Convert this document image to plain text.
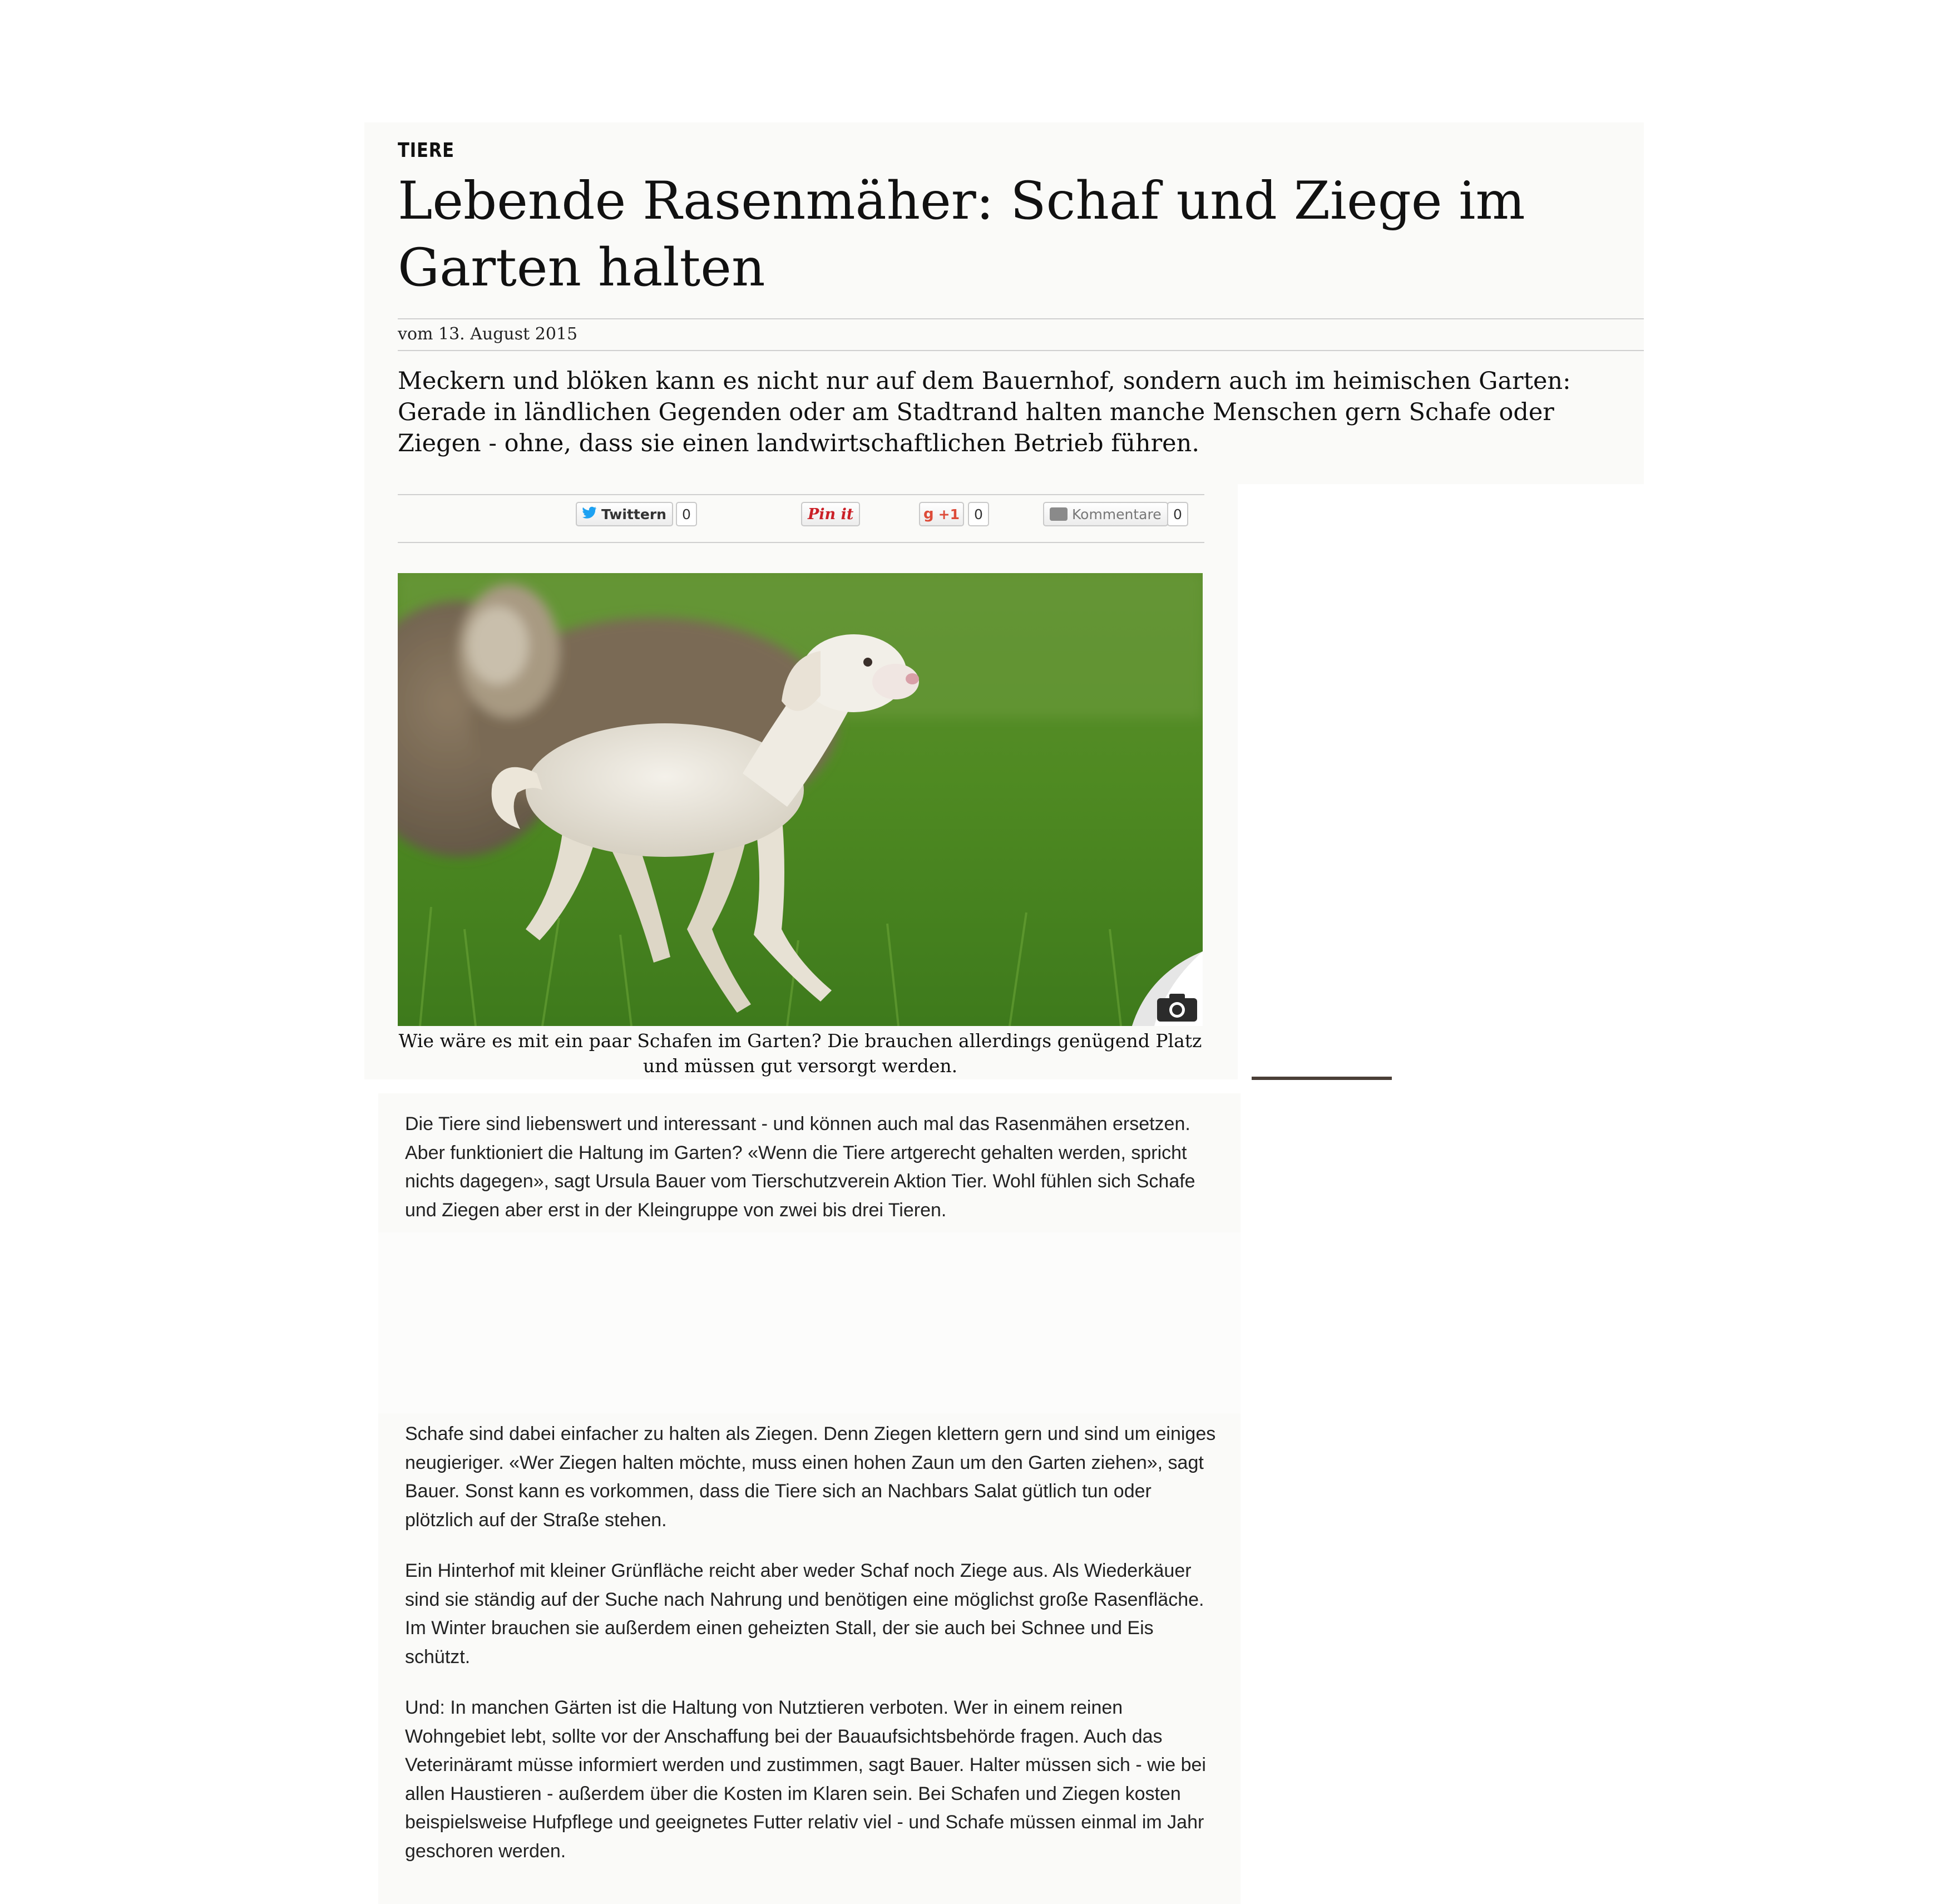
TIERE
Lebende Rasenmäher: Schaf und Ziege im Garten halten
vom 13. August 2015

Meckern und blöken kann es nicht nur auf dem Bauernhof, sondern auch im heimischen Garten: Gerade in ländlichen Gegenden oder am Stadtrand halten manche Menschen gern Schafe oder Ziegen - ohne, dass sie einen landwirtschaftlichen Betrieb führen.

Twittern	0	Pin it	g +1	0	Kommentare 0

Wie wäre es mit ein paar Schafen im Garten? Die brauchen allerdings genügend Platz und müssen gut versorgt werden.

Die Tiere sind liebenswert und interessant - und können auch mal das Rasenmähen ersetzen. Aber funktioniert die Haltung im Garten? «Wenn die Tiere artgerecht gehalten werden, spricht nichts dagegen», sagt Ursula Bauer vom Tierschutzverein Aktion Tier. Wohl fühlen sich Schafe und Ziegen aber erst in der Kleingruppe von zwei bis drei Tieren.

Schafe sind dabei einfacher zu halten als Ziegen. Denn Ziegen klettern gern und sind um einiges neugieriger. «Wer Ziegen halten möchte, muss einen hohen Zaun um den Garten ziehen», sagt Bauer. Sonst kann es vorkommen, dass die Tiere sich an Nachbars Salat gütlich tun oder plötzlich auf der Straße stehen.

Ein Hinterhof mit kleiner Grünfläche reicht aber weder Schaf noch Ziege aus. Als Wiederkäuer sind sie ständig auf der Suche nach Nahrung und benötigen eine möglichst große Rasenfläche. Im Winter brauchen sie außerdem einen geheizten Stall, der sie auch bei Schnee und Eis schützt.

Und: In manchen Gärten ist die Haltung von Nutztieren verboten. Wer in einem reinen Wohngebiet lebt, sollte vor der Anschaffung bei der Bauaufsichtsbehörde fragen. Auch das Veterinäramt müsse informiert werden und zustimmen, sagt Bauer. Halter müssen sich - wie bei allen Haustieren - außerdem über die Kosten im Klaren sein. Bei Schafen und Ziegen kosten beispielsweise Hufpflege und geeignetes Futter relativ viel - und Schafe müssen einmal im Jahr geschoren werden.
